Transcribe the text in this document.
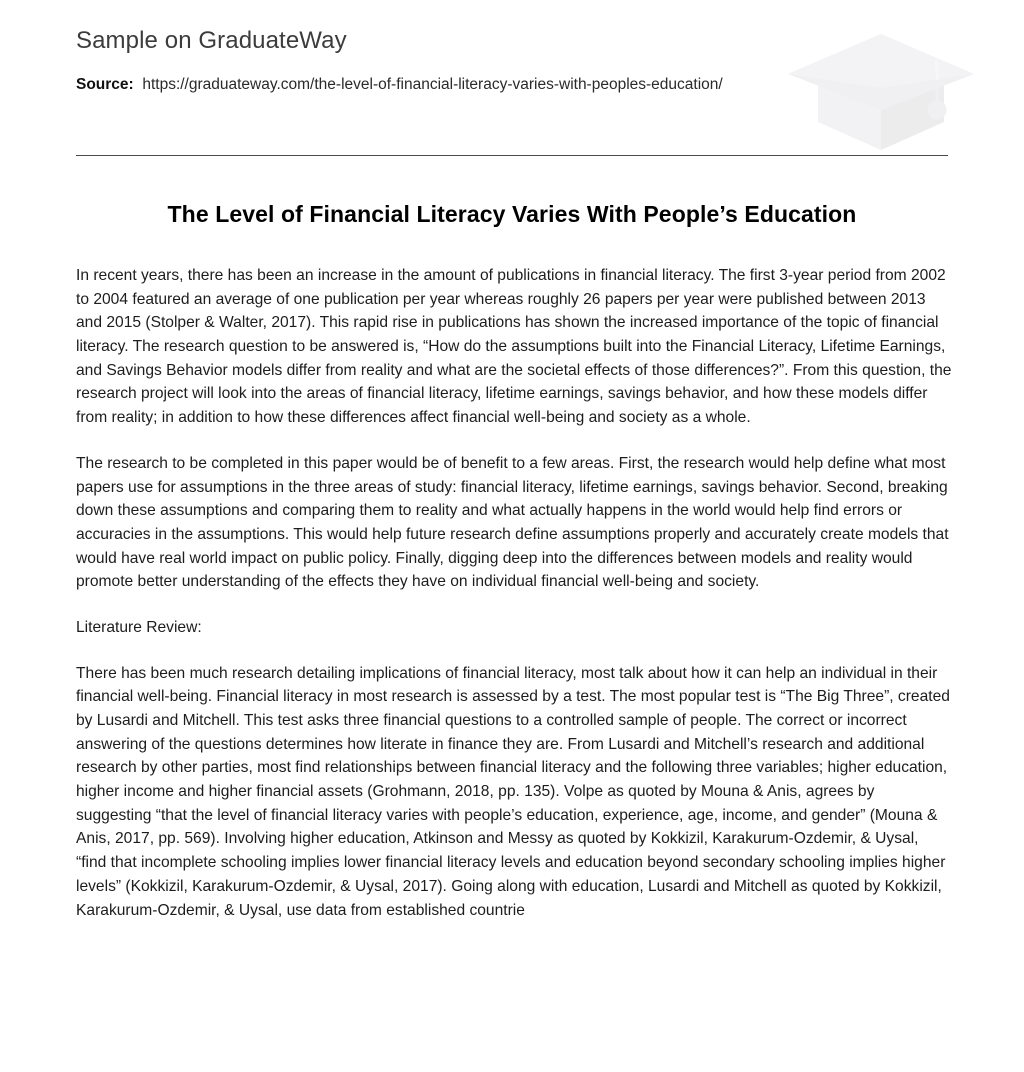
Sample on GraduateWay
Source: https://graduateway.com/the-level-of-financial-literacy-varies-with-peoples-education/
The Level of Financial Literacy Varies With People’s Education

In recent years, there has been an increase in the amount of publications in financial literacy. The first 3-year period from 2002 to 2004 featured an average of one publication per year whereas roughly 26 papers per year were published between 2013 and 2015 (Stolper & Walter, 2017). This rapid rise in publications has shown the increased importance of the topic of financial literacy. The research question to be answered is, “How do the assumptions built into the Financial Literacy, Lifetime Earnings, and Savings Behavior models differ from reality and what are the societal effects of those differences?”. From this question, the research project will look into the areas of financial literacy, lifetime earnings, savings behavior, and how these models differ from reality; in addition to how these differences affect financial well-being and society as a whole.

The research to be completed in this paper would be of benefit to a few areas. First, the research would help define what most papers use for assumptions in the three areas of study: financial literacy, lifetime earnings, savings behavior. Second, breaking down these assumptions and comparing them to reality and what actually happens in the world would help find errors or accuracies in the assumptions. This would help future research define assumptions properly and accurately create models that would have real world impact on public policy. Finally, digging deep into the differences between models and reality would promote better understanding of the effects they have on individual financial well-being and society.

Literature Review:

There has been much research detailing implications of financial literacy, most talk about how it can help an individual in their financial well-being. Financial literacy in most research is assessed by a test. The most popular test is “The Big Three”, created by Lusardi and Mitchell. This test asks three financial questions to a controlled sample of people. The correct or incorrect answering of the questions determines how literate in finance they are. From Lusardi and Mitchell’s research and additional research by other parties, most find relationships between financial literacy and the following three variables; higher education, higher income and higher financial assets (Grohmann, 2018, pp. 135). Volpe as quoted by Mouna & Anis, agrees by suggesting “that the level of financial literacy varies with people’s education, experience, age, income, and gender” (Mouna & Anis, 2017, pp. 569). Involving higher education, Atkinson and Messy as quoted by Kokkizil, Karakurum-Ozdemir, & Uysal, “find that incomplete schooling implies lower financial literacy levels and education beyond secondary schooling implies higher levels” (Kokkizil, Karakurum-Ozdemir, & Uysal, 2017). Going along with education, Lusardi and Mitchell as quoted by Kokkizil, Karakurum-Ozdemir, & Uysal, use data from established countrie
